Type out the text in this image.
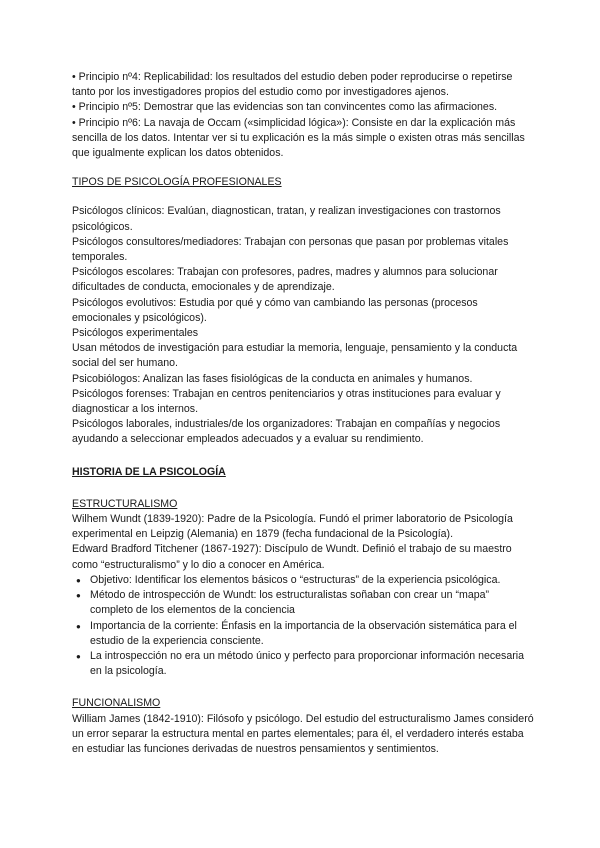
• Principio nº4: Replicabilidad: los resultados del estudio deben poder reproducirse o repetirse tanto por los investigadores propios del estudio como por investigadores ajenos.

• Principio nº5: Demostrar que las evidencias son tan convincentes como las afirmaciones.

• Principio nº6: La navaja de Occam («simplicidad lógica»): Consiste en dar la explicación más sencilla de los datos. Intentar ver si tu explicación es la más simple o existen otras más sencillas que igualmente explican los datos obtenidos.

TIPOS DE PSICOLOGÍA PROFESIONALES

Psicólogos clínicos: Evalúan, diagnostican, tratan, y realizan investigaciones con trastornos psicológicos.

Psicólogos consultores/mediadores: Trabajan con personas que pasan por problemas vitales temporales.

Psicólogos escolares: Trabajan con profesores, padres, madres y alumnos para solucionar dificultades de conducta, emocionales y de aprendizaje.

Psicólogos evolutivos: Estudia por qué y cómo van cambiando las personas (procesos emocionales y psicológicos).

Psicólogos experimentales

Usan métodos de investigación para estudiar la memoria, lenguaje, pensamiento y la conducta social del ser humano.

Psicobiólogos: Analizan las fases fisiológicas de la conducta en animales y humanos.

Psicólogos forenses: Trabajan en centros penitenciarios y otras instituciones para evaluar y diagnosticar a los internos.

Psicólogos laborales, industriales/de los organizadores: Trabajan en compañías y negocios ayudando a seleccionar empleados adecuados y a evaluar su rendimiento.

HISTORIA DE LA PSICOLOGÍA

ESTRUCTURALISMO

Wilhem Wundt (1839-1920): Padre de la Psicología. Fundó el primer laboratorio de Psicología experimental en Leipzig (Alemania) en 1879 (fecha fundacional de la Psicología).

Edward Bradford Titchener (1867-1927): Discípulo de Wundt. Definió el trabajo de su maestro como “estructuralismo” y lo dio a conocer en América.

● Objetivo: Identificar los elementos básicos o “estructuras” de la experiencia psicológica.
● Método de introspección de Wundt: los estructuralistas soñaban con crear un “mapa” completo de los elementos de la conciencia
● Importancia de la corriente: Énfasis en la importancia de la observación sistemática para el estudio de la experiencia consciente.
● La introspección no era un método único y perfecto para proporcionar información necesaria en la psicología.

FUNCIONALISMO

William James (1842-1910): Filósofo y psicólogo. Del estudio del estructuralismo James consideró un error separar la estructura mental en partes elementales; para él, el verdadero interés estaba en estudiar las funciones derivadas de nuestros pensamientos y sentimientos.
